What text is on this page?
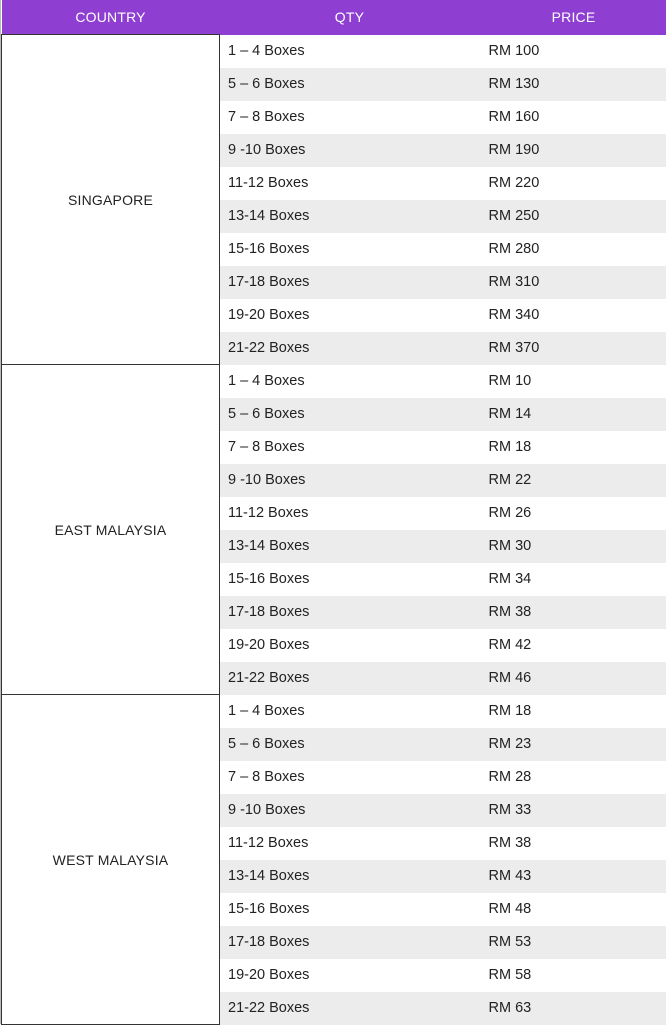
COUNTRY	QTY	PRICE
SINGAPORE	1 – 4 Boxes	RM 100
	5 – 6 Boxes	RM 130
	7 – 8 Boxes	RM 160
	9 -10 Boxes	RM 190
	11-12 Boxes	RM 220
	13-14 Boxes	RM 250
	15-16 Boxes	RM 280
	17-18 Boxes	RM 310
	19-20 Boxes	RM 340
	21-22 Boxes	RM 370
EAST MALAYSIA	1 – 4 Boxes	RM 10
	5 – 6 Boxes	RM 14
	7 – 8 Boxes	RM 18
	9 -10 Boxes	RM 22
	11-12 Boxes	RM 26
	13-14 Boxes	RM 30
	15-16 Boxes	RM 34
	17-18 Boxes	RM 38
	19-20 Boxes	RM 42
	21-22 Boxes	RM 46
WEST MALAYSIA	1 – 4 Boxes	RM 18
	5 – 6 Boxes	RM 23
	7 – 8 Boxes	RM 28
	9 -10 Boxes	RM 33
	11-12 Boxes	RM 38
	13-14 Boxes	RM 43
	15-16 Boxes	RM 48
	17-18 Boxes	RM 53
	19-20 Boxes	RM 58
	21-22 Boxes	RM 63
